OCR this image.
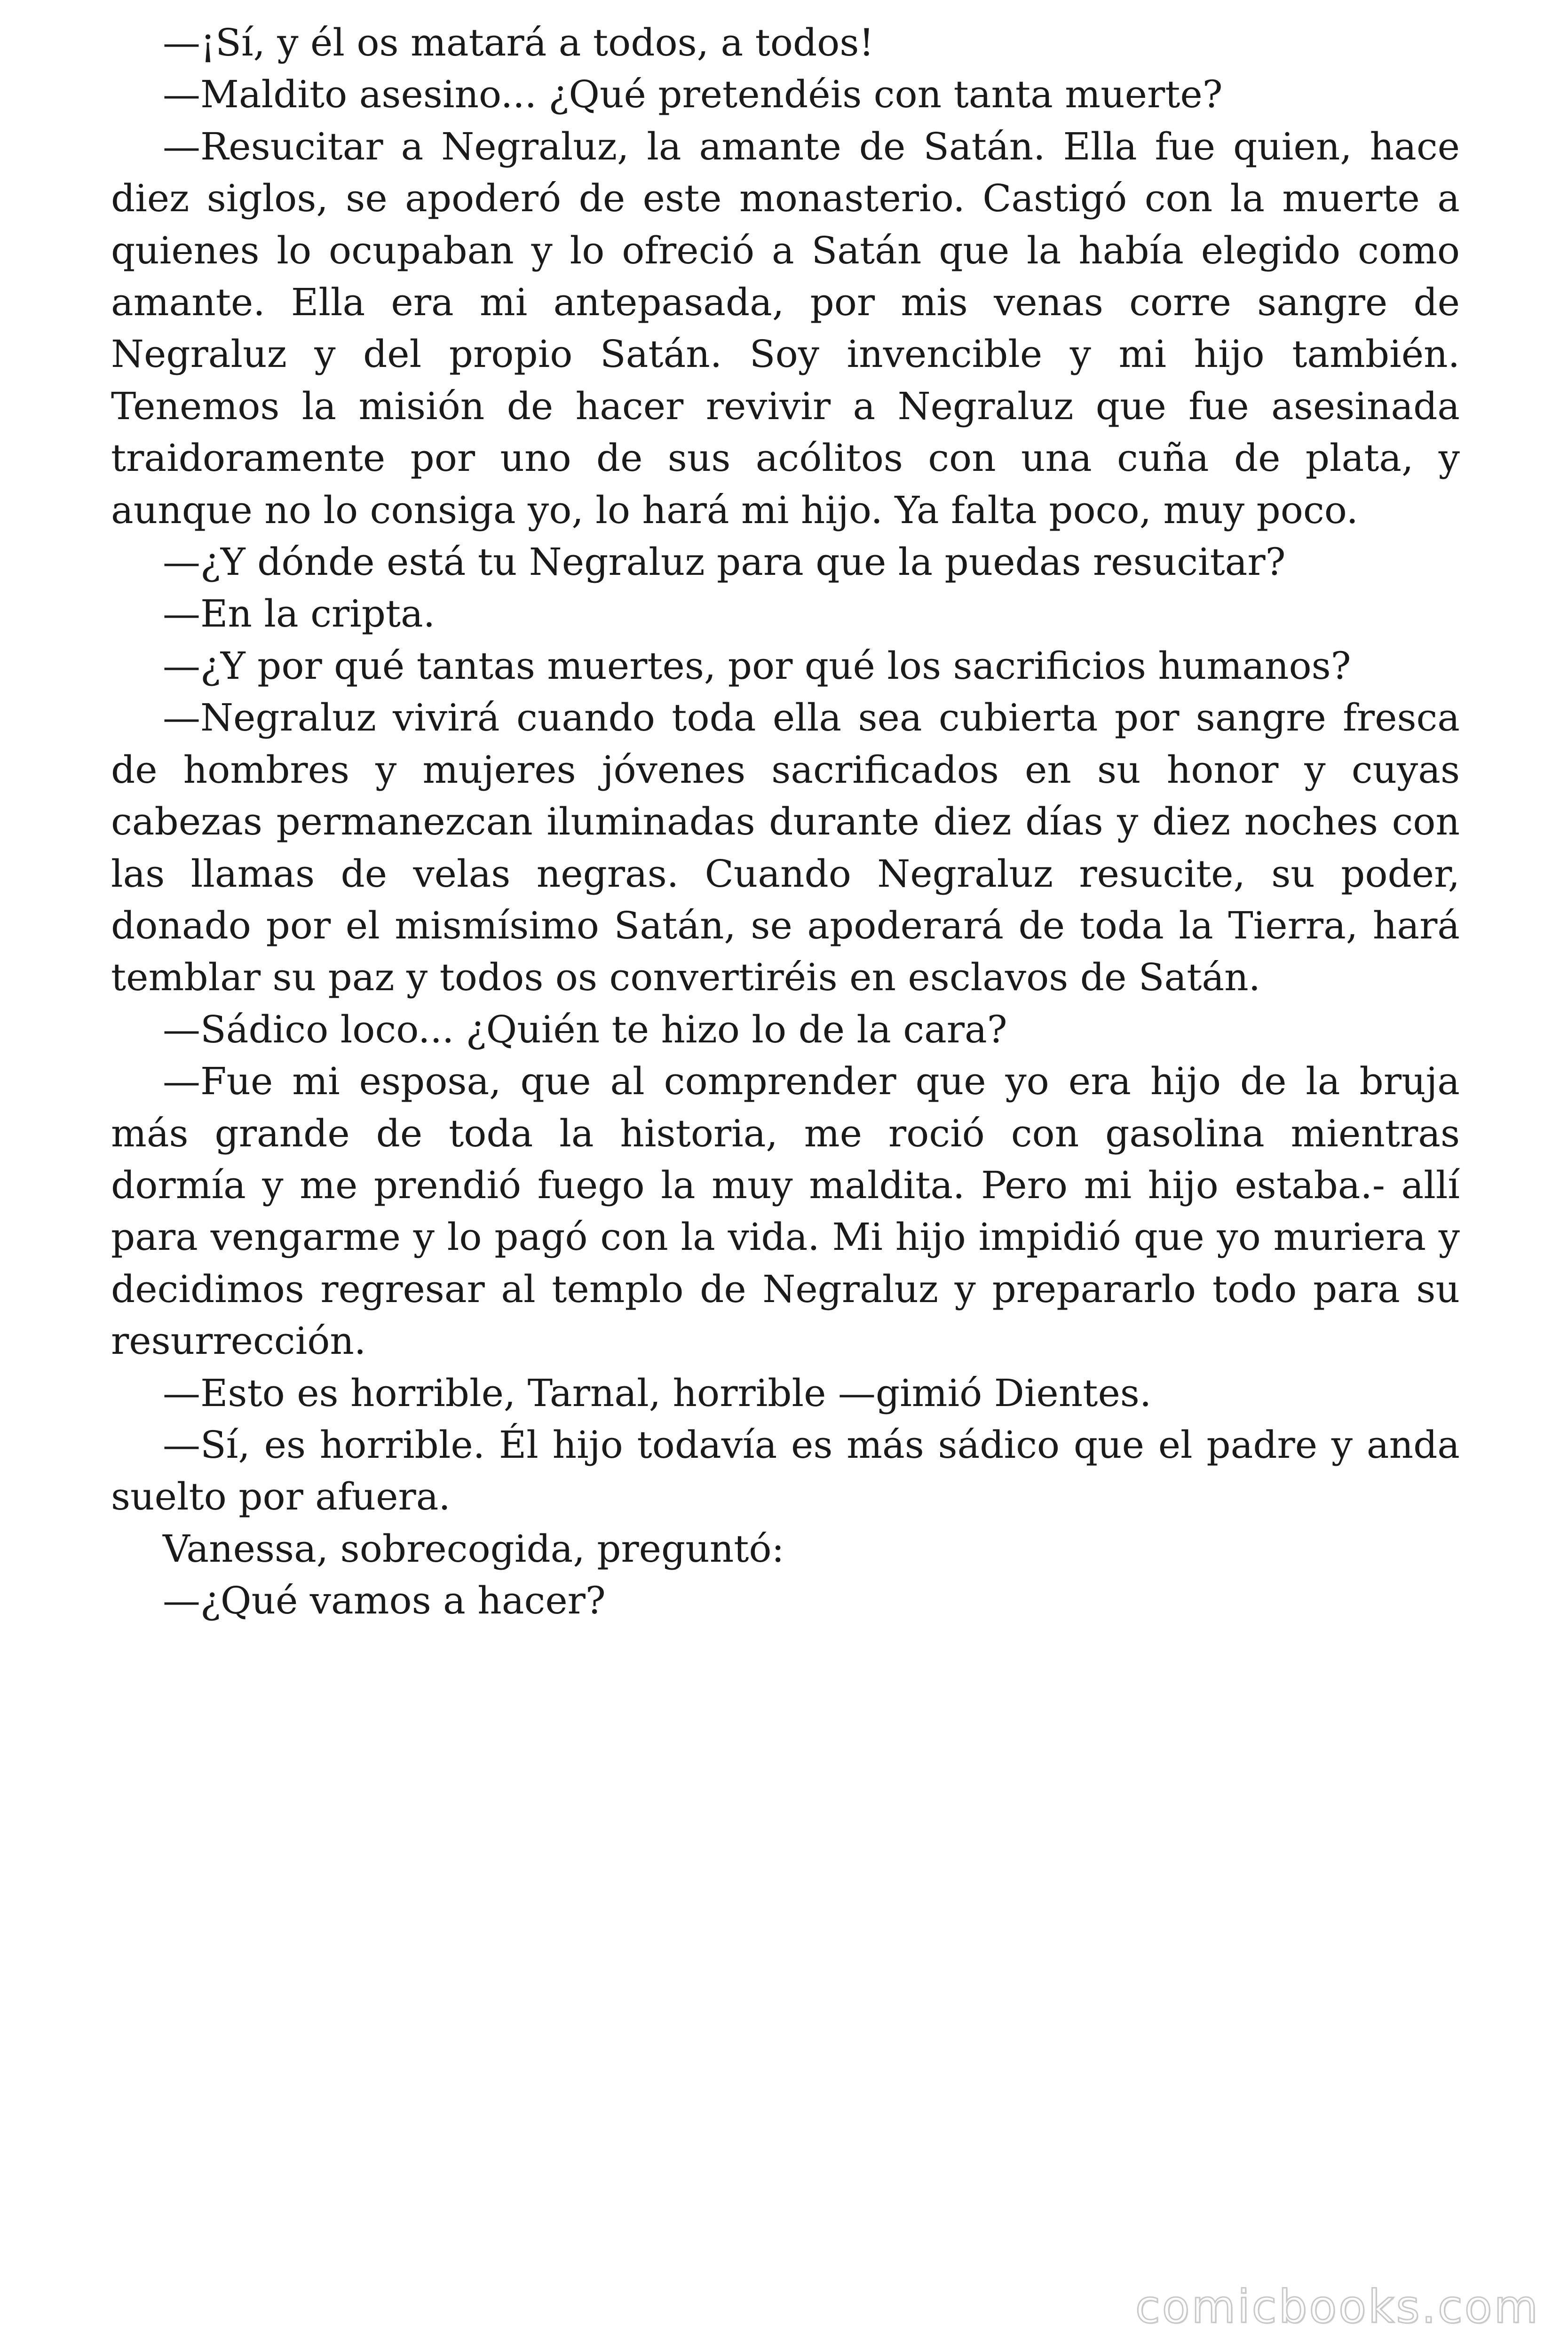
—¡Sí, y él os matará a todos, a todos!

—Maldito asesino... ¿Qué pretendéis con tanta muerte?

—Resucitar a Negraluz, la amante de Satán. Ella fue quien, hace diez siglos, se apoderó de este monasterio. Castigó con la muerte a quienes lo ocupaban y lo ofreció a Satán que la había elegido como amante. Ella era mi antepasada, por mis venas corre sangre de Negraluz y del propio Satán. Soy invencible y mi hijo también. Tenemos la misión de hacer revivir a Negraluz que fue asesinada traidoramente por uno de sus acólitos con una cuña de plata, y aunque no lo consiga yo, lo hará mi hijo. Ya falta poco, muy poco.

—¿Y dónde está tu Negraluz para que la puedas resucitar?

—En la cripta.

—¿Y por qué tantas muertes, por qué los sacrificios humanos?

—Negraluz vivirá cuando toda ella sea cubierta por sangre fresca de hombres y mujeres jóvenes sacrificados en su honor y cuyas cabezas permanezcan iluminadas durante diez días y diez noches con las llamas de velas negras. Cuando Negraluz resucite, su poder, donado por el mismísimo Satán, se apoderará de toda la Tierra, hará temblar su paz y todos os convertiréis en esclavos de Satán.

—Sádico loco... ¿Quién te hizo lo de la cara?

—Fue mi esposa, que al comprender que yo era hijo de la bruja más grande de toda la historia, me roció con gasolina mientras dormía y me prendió fuego la muy maldita. Pero mi hijo estaba.- allí para vengarme y lo pagó con la vida. Mi hijo impidió que yo muriera y decidimos regresar al templo de Negraluz y prepararlo todo para su resurrección.

—Esto es horrible, Tarnal, horrible —gimió Dientes.

—Sí, es horrible. Él hijo todavía es más sádico que el padre y anda suelto por afuera.

Vanessa, sobrecogida, preguntó:

—¿Qué vamos a hacer?

comicbooks.com
